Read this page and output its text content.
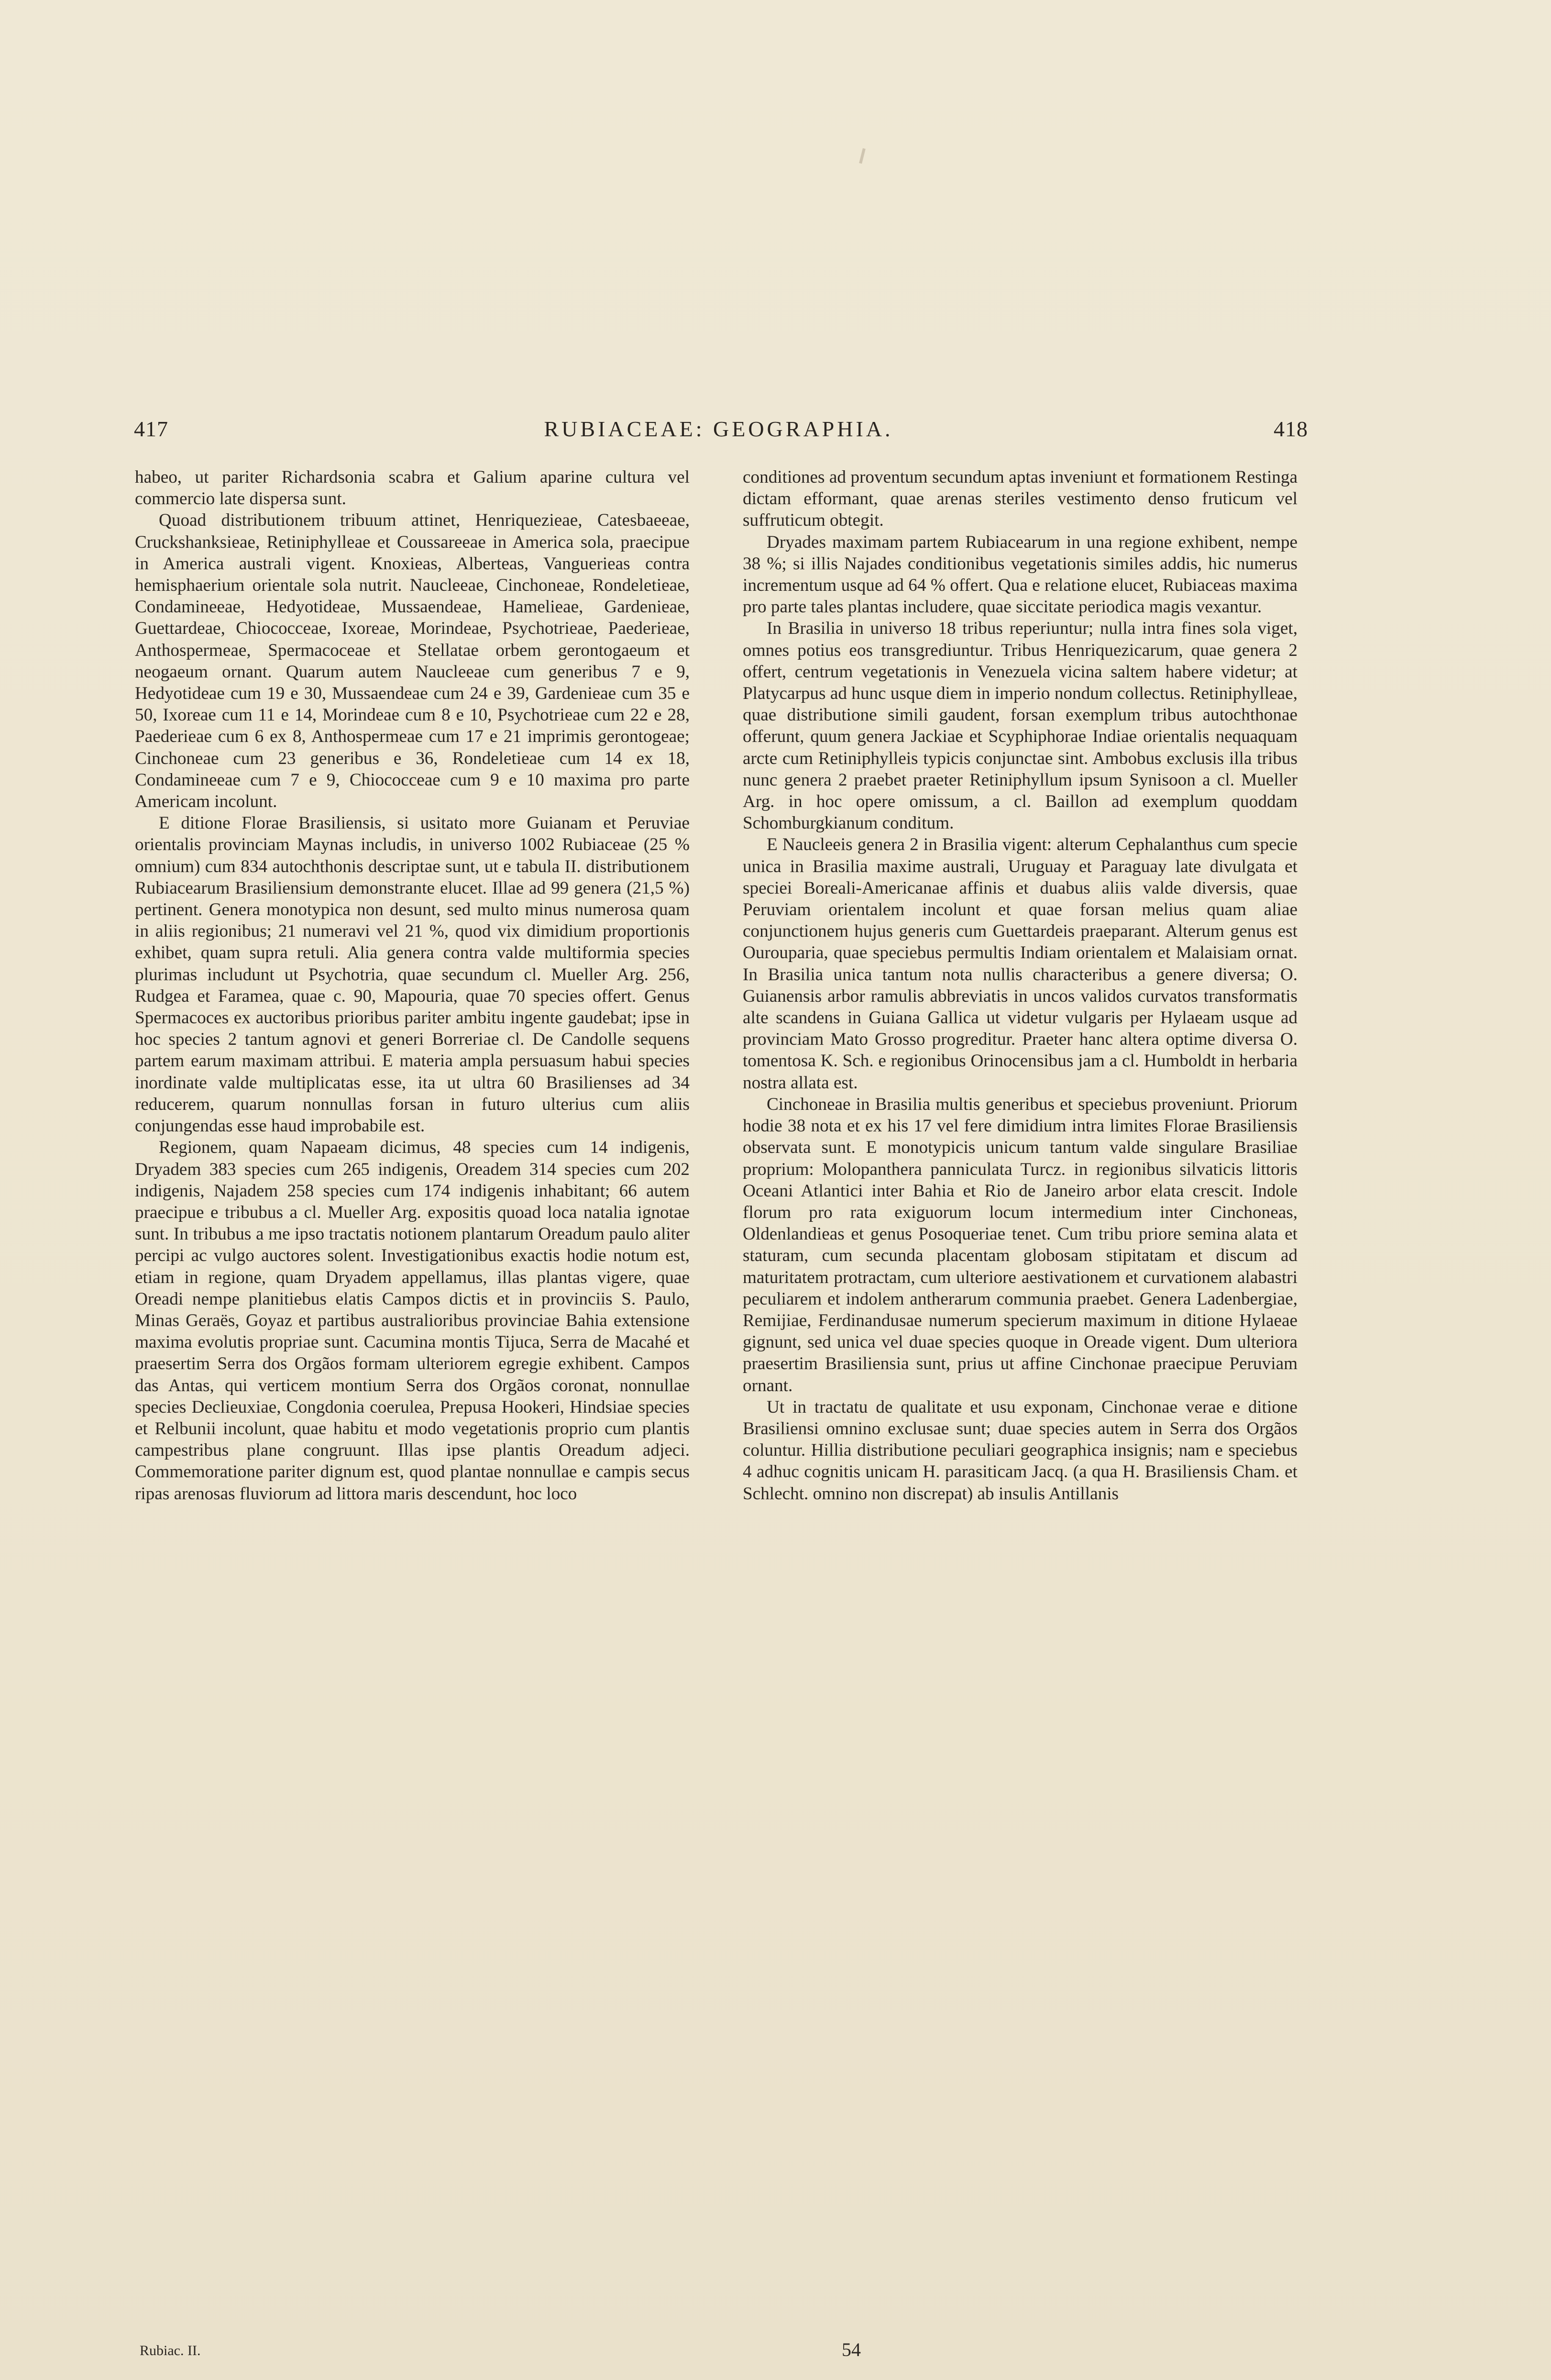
417	RUBIACEAE: GEOGRAPHIA.	418

habeo, ut pariter Richardsonia scabra et Galium aparine cultura vel commercio late dispersa sunt.

Quoad distributionem tribuum attinet, Henriquezieae, Catesbaeeae, Cruckshanksieae, Retiniphylleae et Coussareeae in America sola, praecipue in America australi vigent. Knoxieas, Alberteas, Vanguerieas contra hemisphaerium orientale sola nutrit. Naucleeae, Cinchoneae, Rondeletieae, Condamineeae, Hedyotideae, Mussaendeae, Hamelieae, Gardenieae, Guettardeae, Chiococceae, Ixoreae, Morindeae, Psychotrieae, Paederieae, Anthospermeae, Spermacoceae et Stellatae orbem gerontogaeum et neogaeum ornant. Quarum autem Naucleeae cum generibus 7 e 9, Hedyotideae cum 19 e 30, Mussaendeae cum 24 e 39, Gardenieae cum 35 e 50, Ixoreae cum 11 e 14, Morindeae cum 8 e 10, Psychotrieae cum 22 e 28, Paederieae cum 6 ex 8, Anthospermeae cum 17 e 21 imprimis gerontogeae; Cinchoneae cum 23 generibus e 36, Rondeletieae cum 14 ex 18, Condamineeae cum 7 e 9, Chiococceae cum 9 e 10 maxima pro parte Americam incolunt.

E ditione Florae Brasiliensis, si usitato more Guianam et Peruviae orientalis provinciam Maynas includis, in universo 1002 Rubiaceae (25 % omnium) cum 834 autochthonis descriptae sunt, ut e tabula II. distributionem Rubiacearum Brasiliensium demonstrante elucet. Illae ad 99 genera (21,5 %) pertinent. Genera monotypica non desunt, sed multo minus numerosa quam in aliis regionibus; 21 numeravi vel 21 %, quod vix dimidium proportionis exhibet, quam supra retuli. Alia genera contra valde multiformia species plurimas includunt ut Psychotria, quae secundum cl. Mueller Arg. 256, Rudgea et Faramea, quae c. 90, Mapouria, quae 70 species offert. Genus Spermacoces ex auctoribus prioribus pariter ambitu ingente gaudebat; ipse in hoc species 2 tantum agnovi et generi Borreriae cl. De Candolle sequens partem earum maximam attribui. E materia ampla persuasum habui species inordinate valde multiplicatas esse, ita ut ultra 60 Brasilienses ad 34 reducerem, quarum nonnullas forsan in futuro ulterius cum aliis conjungendas esse haud improbabile est.

Regionem, quam Napaeam dicimus, 48 species cum 14 indigenis, Dryadem 383 species cum 265 indigenis, Oreadem 314 species cum 202 indigenis, Najadem 258 species cum 174 indigenis inhabitant; 66 autem praecipue e tribubus a cl. Mueller Arg. expositis quoad loca natalia ignotae sunt. In tribubus a me ipso tractatis notionem plantarum Oreadum paulo aliter percipi ac vulgo auctores solent. Investigationibus exactis hodie notum est, etiam in regione, quam Dryadem appellamus, illas plantas vigere, quae Oreadi nempe planitiebus elatis Campos dictis et in provinciis S. Paulo, Minas Geraës, Goyaz et partibus australioribus provinciae Bahia extensione maxima evolutis propriae sunt. Cacumina montis Tijuca, Serra de Macahé et praesertim Serra dos Orgãos formam ulteriorem egregie exhibent. Campos das Antas, qui verticem montium Serra dos Orgãos coronat, nonnullae species Declieuxiae, Congdonia coerulea, Prepusa Hookeri, Hindsiae species et Relbunii incolunt, quae habitu et modo vegetationis proprio cum plantis campestribus plane congruunt. Illas ipse plantis Oreadum adjeci. Commemoratione pariter dignum est, quod plantae nonnullae e campis secus ripas arenosas fluviorum ad littora maris descendunt, hoc loco

conditiones ad proventum secundum aptas inveniunt et formationem Restinga dictam efformant, quae arenas steriles vestimento denso fruticum vel suffruticum obtegit.

Dryades maximam partem Rubiacearum in una regione exhibent, nempe 38 %; si illis Najades conditionibus vegetationis similes addis, hic numerus incrementum usque ad 64 % offert. Qua e relatione elucet, Rubiaceas maxima pro parte tales plantas includere, quae siccitate periodica magis vexantur.

In Brasilia in universo 18 tribus reperiuntur; nulla intra fines sola viget, omnes potius eos transgrediuntur. Tribus Henriquezicarum, quae genera 2 offert, centrum vegetationis in Venezuela vicina saltem habere videtur; at Platycarpus ad hunc usque diem in imperio nondum collectus. Retiniphylleae, quae distributione simili gaudent, forsan exemplum tribus autochthonae offerunt, quum genera Jackiae et Scyphiphorae Indiae orientalis nequaquam arcte cum Retiniphylleis typicis conjunctae sint. Ambobus exclusis illa tribus nunc genera 2 praebet praeter Retiniphyllum ipsum Synisoon a cl. Mueller Arg. in hoc opere omissum, a cl. Baillon ad exemplum quoddam Schomburgkianum conditum.

E Naucleeis genera 2 in Brasilia vigent: alterum Cephalanthus cum specie unica in Brasilia maxime australi, Uruguay et Paraguay late divulgata et speciei Boreali-Americanae affinis et duabus aliis valde diversis, quae Peruviam orientalem incolunt et quae forsan melius quam aliae conjunctionem hujus generis cum Guettardeis praeparant. Alterum genus est Ourouparia, quae speciebus permultis Indiam orientalem et Malaisiam ornat. In Brasilia unica tantum nota nullis characteribus a genere diversa; O. Guianensis arbor ramulis abbreviatis in uncos validos curvatos transformatis alte scandens in Guiana Gallica ut videtur vulgaris per Hylaeam usque ad provinciam Mato Grosso progreditur. Praeter hanc altera optime diversa O. tomentosa K. Sch. e regionibus Orinocensibus jam a cl. Humboldt in herbaria nostra allata est.

Cinchoneae in Brasilia multis generibus et speciebus proveniunt. Priorum hodie 38 nota et ex his 17 vel fere dimidium intra limites Florae Brasiliensis observata sunt. E monotypicis unicum tantum valde singulare Brasiliae proprium: Molopanthera panniculata Turcz. in regionibus silvaticis littoris Oceani Atlantici inter Bahia et Rio de Janeiro arbor elata crescit. Indole florum pro rata exiguorum locum intermedium inter Cinchoneas, Oldenlandieas et genus Posoqueriae tenet. Cum tribu priore semina alata et staturam, cum secunda placentam globosam stipitatam et discum ad maturitatem protractam, cum ulteriore aestivationem et curvationem alabastri peculiarem et indolem antherarum communia praebet. Genera Ladenbergiae, Remijiae, Ferdinandusae numerum specierum maximum in ditione Hylaeae gignunt, sed unica vel duae species quoque in Oreade vigent. Dum ulteriora praesertim Brasiliensia sunt, prius ut affine Cinchonae praecipue Peruviam ornant.

Ut in tractatu de qualitate et usu exponam, Cinchonae verae e ditione Brasiliensi omnino exclusae sunt; duae species autem in Serra dos Orgãos coluntur. Hillia distributione peculiari geographica insignis; nam e speciebus 4 adhuc cognitis unicam H. parasiticam Jacq. (a qua H. Brasiliensis Cham. et Schlecht. omnino non discrepat) ab insulis Antillanis

Rubiac. II.	54
